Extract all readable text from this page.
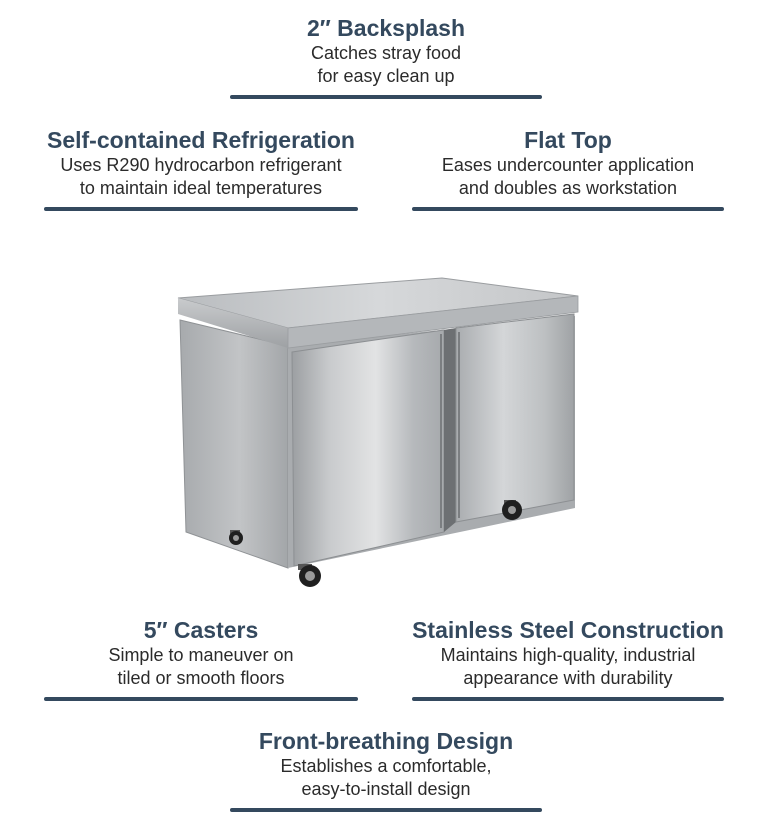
2″ Backsplash
Catches stray food
for easy clean up
Self-contained Refrigeration
Uses R290 hydrocarbon refrigerant
to maintain ideal temperatures
Flat Top
Eases undercounter application
and doubles as workstation
5″ Casters
Simple to maneuver on
tiled or smooth floors
Stainless Steel Construction
Maintains high-quality, industrial
appearance with durability
Front-breathing Design
Establishes a comfortable,
easy-to-install design
